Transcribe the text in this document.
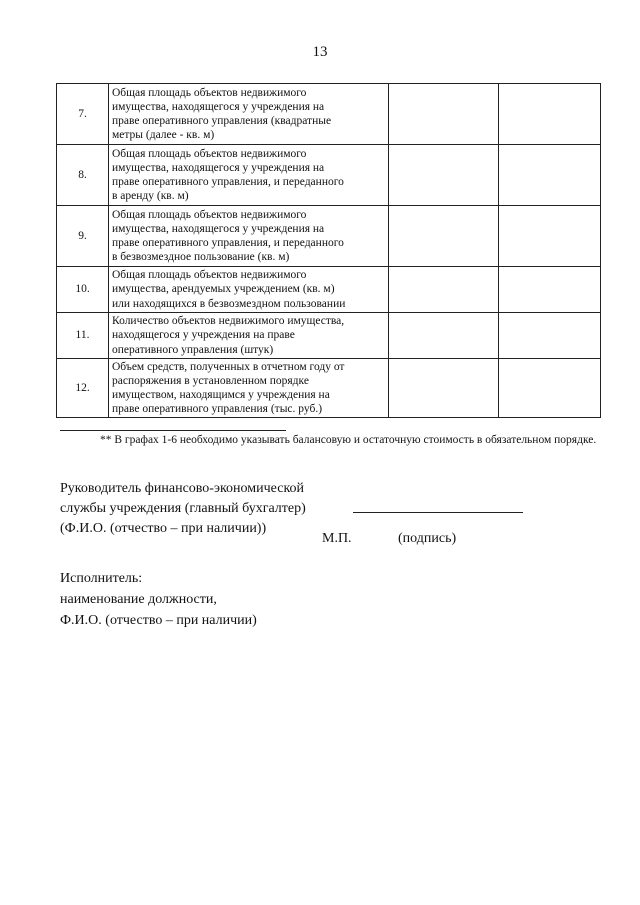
13
7.	Общая площадь объектов недвижимого
имущества, находящегося у учреждения на
праве оперативного управления (квадратные
метры (далее - кв. м)		

8.	Общая площадь объектов недвижимого
имущества, находящегося у учреждения на
праве оперативного управления, и переданного
в аренду (кв. м)		

9.	Общая площадь объектов недвижимого
имущества, находящегося у учреждения на
праве оперативного управления, и переданного
в безвозмездное пользование (кв. м)		

10.	Общая площадь объектов недвижимого
имущества, арендуемых учреждением (кв. м)
или находящихся в безвозмездном пользовании		

11.	Количество объектов недвижимого имущества,
находящегося у учреждения на праве
оперативного управления (штук)		

12.	Объем средств, полученных в отчетном году от
распоряжения в установленном порядке
имуществом, находящимся у учреждения на
праве оперативного управления (тыс. руб.)		

** В графах 1-6 необходимо указывать балансовую и остаточную стоимость в обязательном порядке.
Руководитель финансово-экономической
службы учреждения (главный бухгалтер)
(Ф.И.О. (отчество – при наличии))
М.П.	(подпись)
Исполнитель:
наименование должности,
Ф.И.О. (отчество – при наличии)
